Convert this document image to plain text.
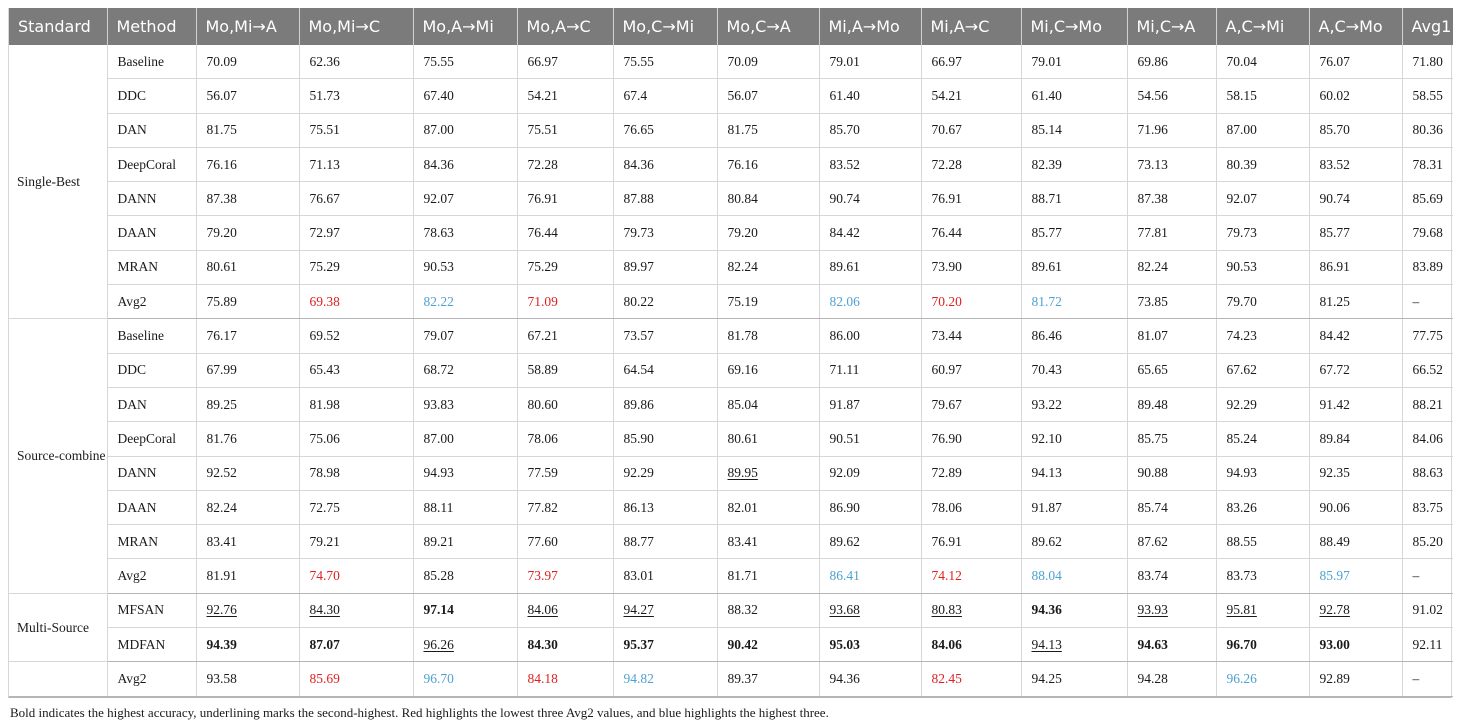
Standard	Method	Mo,Mi→A	Mo,Mi→C	Mo,A→Mi	Mo,A→C	Mo,C→Mi	Mo,C→A	Mi,A→Mo	Mi,A→C	Mi,C→Mo	Mi,C→A	A,C→Mi	A,C→Mo	Avg1
Single-Best	Baseline	70.09	62.36	75.55	66.97	75.55	70.09	79.01	66.97	79.01	69.86	70.04	76.07	71.80
	DDC	56.07	51.73	67.40	54.21	67.4	56.07	61.40	54.21	61.40	54.56	58.15	60.02	58.55
	DAN	81.75	75.51	87.00	75.51	76.65	81.75	85.70	70.67	85.14	71.96	87.00	85.70	80.36
	DeepCoral	76.16	71.13	84.36	72.28	84.36	76.16	83.52	72.28	82.39	73.13	80.39	83.52	78.31
	DANN	87.38	76.67	92.07	76.91	87.88	80.84	90.74	76.91	88.71	87.38	92.07	90.74	85.69
	DAAN	79.20	72.97	78.63	76.44	79.73	79.20	84.42	76.44	85.77	77.81	79.73	85.77	79.68
	MRAN	80.61	75.29	90.53	75.29	89.97	82.24	89.61	73.90	89.61	82.24	90.53	86.91	83.89
	Avg2	75.89	69.38	82.22	71.09	80.22	75.19	82.06	70.20	81.72	73.85	79.70	81.25	–
Source-combine	Baseline	76.17	69.52	79.07	67.21	73.57	81.78	86.00	73.44	86.46	81.07	74.23	84.42	77.75
	DDC	67.99	65.43	68.72	58.89	64.54	69.16	71.11	60.97	70.43	65.65	67.62	67.72	66.52
	DAN	89.25	81.98	93.83	80.60	89.86	85.04	91.87	79.67	93.22	89.48	92.29	91.42	88.21
	DeepCoral	81.76	75.06	87.00	78.06	85.90	80.61	90.51	76.90	92.10	85.75	85.24	89.84	84.06
	DANN	92.52	78.98	94.93	77.59	92.29	89.95	92.09	72.89	94.13	90.88	94.93	92.35	88.63
	DAAN	82.24	72.75	88.11	77.82	86.13	82.01	86.90	78.06	91.87	85.74	83.26	90.06	83.75
	MRAN	83.41	79.21	89.21	77.60	88.77	83.41	89.62	76.91	89.62	87.62	88.55	88.49	85.20
	Avg2	81.91	74.70	85.28	73.97	83.01	81.71	86.41	74.12	88.04	83.74	83.73	85.97	–
Multi-Source	MFSAN	92.76	84.30	97.14	84.06	94.27	88.32	93.68	80.83	94.36	93.93	95.81	92.78	91.02
	MDFAN	94.39	87.07	96.26	84.30	95.37	90.42	95.03	84.06	94.13	94.63	96.70	93.00	92.11
	Avg2	93.58	85.69	96.70	84.18	94.82	89.37	94.36	82.45	94.25	94.28	96.26	92.89	–
Bold indicates the highest accuracy, underlining marks the second-highest. Red highlights the lowest three Avg2 values, and blue highlights the highest three.
